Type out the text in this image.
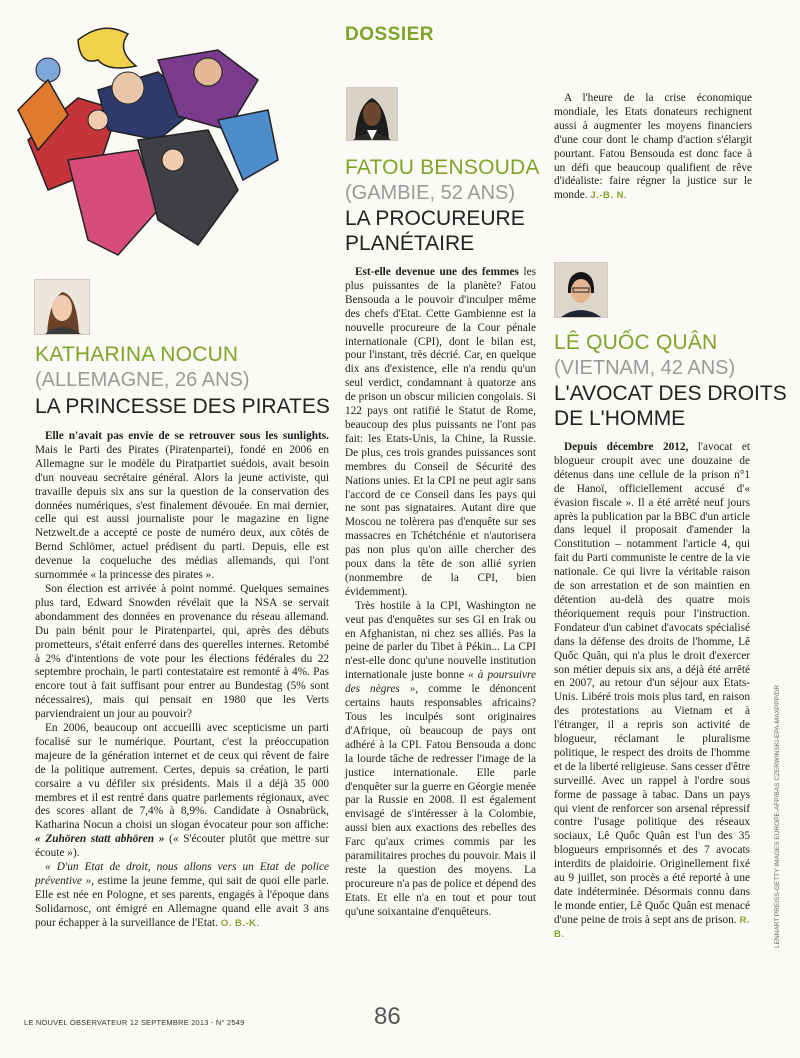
DOSSIER
KATHARINA NOCUN
(ALLEMAGNE, 26 ANS)
LA PRINCESSE DES PIRATES

Elle n'avait pas envie de se retrouver sous les sunlights. Mais le Parti des Pirates (Piratenpartei), fondé en 2006 en Allemagne sur le modèle du Piratpartiet suédois, avait besoin d'un nouveau secrétaire général. Alors la jeune activiste, qui travaille depuis six ans sur la question de la conservation des données numériques, s'est finalement dévouée. En mai dernier, celle qui est aussi journaliste pour le magazine en ligne Netzwelt.de a accepté ce poste de numéro deux, aux côtés de Bernd Schlömer, actuel prédisent du parti. Depuis, elle est devenue la coqueluche des médias allemands, qui l'ont surnommée « la princesse des pirates ».

Son élection est arrivée à point nommé. Quelques semaines plus tard, Edward Snowden révélait que la NSA se servait abondamment des données en provenance du réseau allemand. Du pain bénit pour le Piratenpartei, qui, après des débuts prometteurs, s'était enferré dans des querelles internes. Retombé à 2% d'intentions de vote pour les élections fédérales du 22 septembre prochain, le parti contestataire est remonté à 4%. Pas encore tout à fait suffisant pour entrer au Bundestag (5% sont nécessaires), mais qui pensait en 1980 que les Verts parviendraient un jour au pouvoir?

En 2006, beaucoup ont accueilli avec scepticisme un parti focalisé sur le numérique. Pourtant, c'est la préoccupation majeure de la génération internet et de ceux qui rêvent de faire de la politique autrement. Certes, depuis sa création, le parti corsaire a vu défiler six présidents. Mais il a déjà 35 000 membres et il est rentré dans quatre parlements régionaux, avec des scores allant de 7,4% à 8,9%. Candidate à Osnabrück, Katharina Nocun a choisi un slogan évocateur pour son affiche: « Zuhören statt abhören » (« S'écouter plutôt que mettre sur écoute »).

« D'un Etat de droit, nous allons vers un Etat de police préventive », estime la jeune femme, qui sait de quoi elle parle. Elle est née en Pologne, et ses parents, engagés à l'époque dans Solidarnosc, ont émigré en Allemagne quand elle avait 3 ans pour échapper à la surveillance de l'Etat. O. B.-K.

FATOU BENSOUDA
(GAMBIE, 52 ANS)
LA PROCUREURE
PLANÉTAIRE

Est-elle devenue une des femmes les plus puissantes de la planète? Fatou Bensouda a le pouvoir d'inculper même des chefs d'Etat. Cette Gambienne est la nouvelle procureure de la Cour pénale internationale (CPI), dont le bilan est, pour l'instant, très décrié. Car, en quelque dix ans d'existence, elle n'a rendu qu'un seul verdict, condamnant à quatorze ans de prison un obscur milicien congolais. Si 122 pays ont ratifié le Statut de Rome, beaucoup des plus puissants ne l'ont pas fait: les Etats-Unis, la Chine, la Russie. De plus, ces trois grandes puissances sont membres du Conseil de Sécurité des Nations unies. Et la CPI ne peut agir sans l'accord de ce Conseil dans les pays qui ne sont pas signataires. Autant dire que Moscou ne tolèrera pas d'enquête sur ses massacres en Tchétchénie et n'autorisera pas non plus qu'on aille chercher des poux dans la tête de son allié syrien (nonmembre de la CPI, bien évidemment).

Très hostile à la CPI, Washington ne veut pas d'enquêtes sur ses GI en Irak ou en Afghanistan, ni chez ses alliés. Pas la peine de parler du Tibet à Pékin... La CPI n'est-elle donc qu'une nouvelle institution internationale juste bonne « à poursuivre des nègres », comme le dénoncent certains hauts responsables africains? Tous les inculpés sont originaires d'Afrique, où beaucoup de pays ont adhéré à la CPI. Fatou Bensouda a donc la lourde tâche de redresser l'image de la justice internationale. Elle parle d'enquêter sur la guerre en Géorgie menée par la Russie en 2008. Il est également envisagé de s'intéresser à la Colombie, aussi bien aux exactions des rebelles des Farc qu'aux crimes commis par les paramilitaires proches du pouvoir. Mais il reste la question des moyens. La procureure n'a pas de police et dépend des Etats. Et elle n'a en tout et pour tout qu'une soixantaine d'enquêteurs.

A l'heure de la crise économique mondiale, les Etats donateurs rechignent aussi à augmenter les moyens financiers d'une cour dont le champ d'action s'élargit pourtant. Fatou Bensouda est donc face à un défi que beaucoup qualifient de rêve d'idéaliste: faire régner la justice sur le monde. J.-B. N.

LÊ QUỐC QUÂN
(VIETNAM, 42 ANS)
L'AVOCAT DES DROITS
DE L'HOMME

Depuis décembre 2012, l'avocat et blogueur croupit avec une douzaine de détenus dans une cellule de la prison n°1 de Hanoï, officiellement accusé d'« évasion fiscale ». Il a été arrêté neuf jours après la publication par la BBC d'un article dans lequel il proposait d'amender la Constitution – notamment l'article 4, qui fait du Parti communiste le centre de la vie nationale. Ce qui livre la véritable raison de son arrestation et de son maintien en détention au-delà des quatre mois théoriquement requis pour l'instruction. Fondateur d'un cabinet d'avocats spécialisé dans la défense des droits de l'homme, Lê Quốc Quân, qui n'a plus le droit d'exercer son métier depuis six ans, a déjà été arrêté en 2007, au retour d'un séjour aux Etats-Unis. Libéré trois mois plus tard, en raison des protestations au Vietnam et à l'étranger, il a repris son activité de blogueur, réclamant le pluralisme politique, le respect des droits de l'homme et de la liberté religieuse. Sans cesser d'être surveillé. Avec un rappel à l'ordre sous forme de passage à tabac. Dans un pays qui vient de renforcer son arsenal répressif contre l'usage politique des réseaux sociaux, Lê Quốc Quân est l'un des 35 blogueurs emprisonnés et des 7 avocats interdits de plaidoirie. Originellement fixé au 9 juillet, son procès a été reporté à une date indéterminée. Désormais connu dans le monde entier, Lê Quốc Quân est menacé d'une peine de trois à sept ans de prison. R. B.	LENNART PREISS-GETTY IMAGES EUROPE-AFP/BAS CZERWINSKI-EPA-MAXPPP/DR
LE NOUVEL OBSERVATEUR 12 SEPTEMBRE 2013 - N° 2549	86
